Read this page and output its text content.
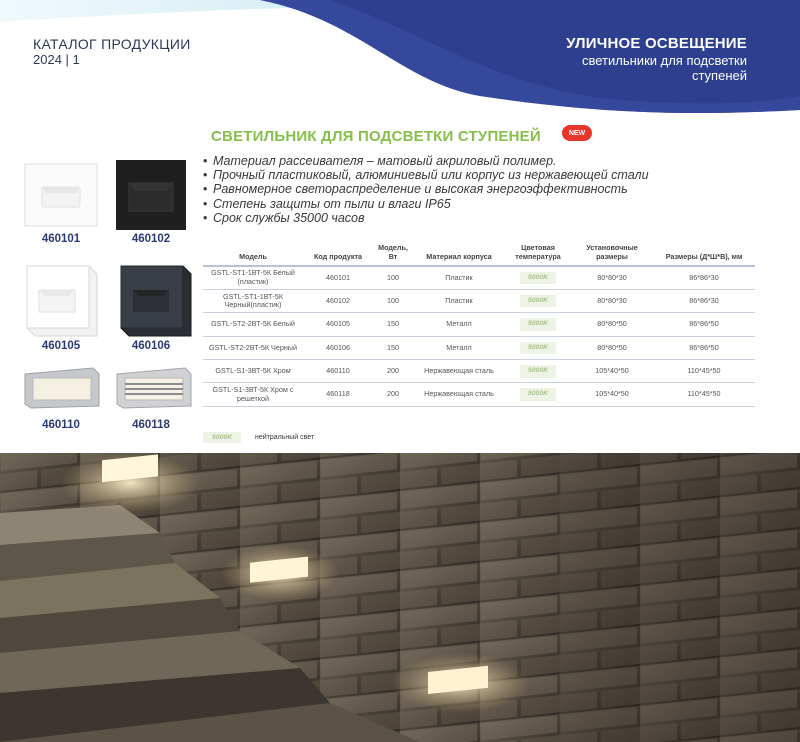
КАТАЛОГ ПРОДУКЦИИ
2024 | 1
УЛИЧНОЕ ОСВЕЩЕНИЕ
светильники для подсветки ступеней
СВЕТИЛЬНИК ДЛЯ ПОДСВЕТКИ СТУПЕНЕЙ	NEW
• Материал рассеивателя – матовый акриловый полимер.
• Прочный пластиковый, алюминиевый или корпус из нержавеющей стали
• Равномерное светораспределение и высокая энергоэффективность
• Степень защиты от пыли и влаги IP65
• Срок службы 35000 часов
460101	460102
460105	460106
460110	460118
Модель	Код продукта	Модель, Вт	Материал корпуса	Цветовая температура	Установочные размеры	Размеры (Д*Ш*В), мм
GSTL-ST1-1ВТ-5К Белый (пластик)	460101	100	Пластик	5000K	80*80*30	86*86*30
GSTL-ST1-1ВТ-5К Черный(пластик)	460102	100	Пластик	5000K	80*80*30	86*86*30
GSTL-ST2-2ВТ-5К Белый	460105	150	Металл	5000K	80*80*50	86*86*50
GSTL-ST2-2ВТ-5К Черный	460106	150	Металл	5000K	80*80*50	86*86*50
GSTL-S1-3ВТ-5К Хром	460110	200	Нержавеющая сталь	5000K	105*40*50	110*45*50
GSTL-S1-3ВТ-5К Хром с решеткой	460118	200	Нержавеющая сталь	5000K	105*40*50	110*45*50
5000K	нейтральный свет
